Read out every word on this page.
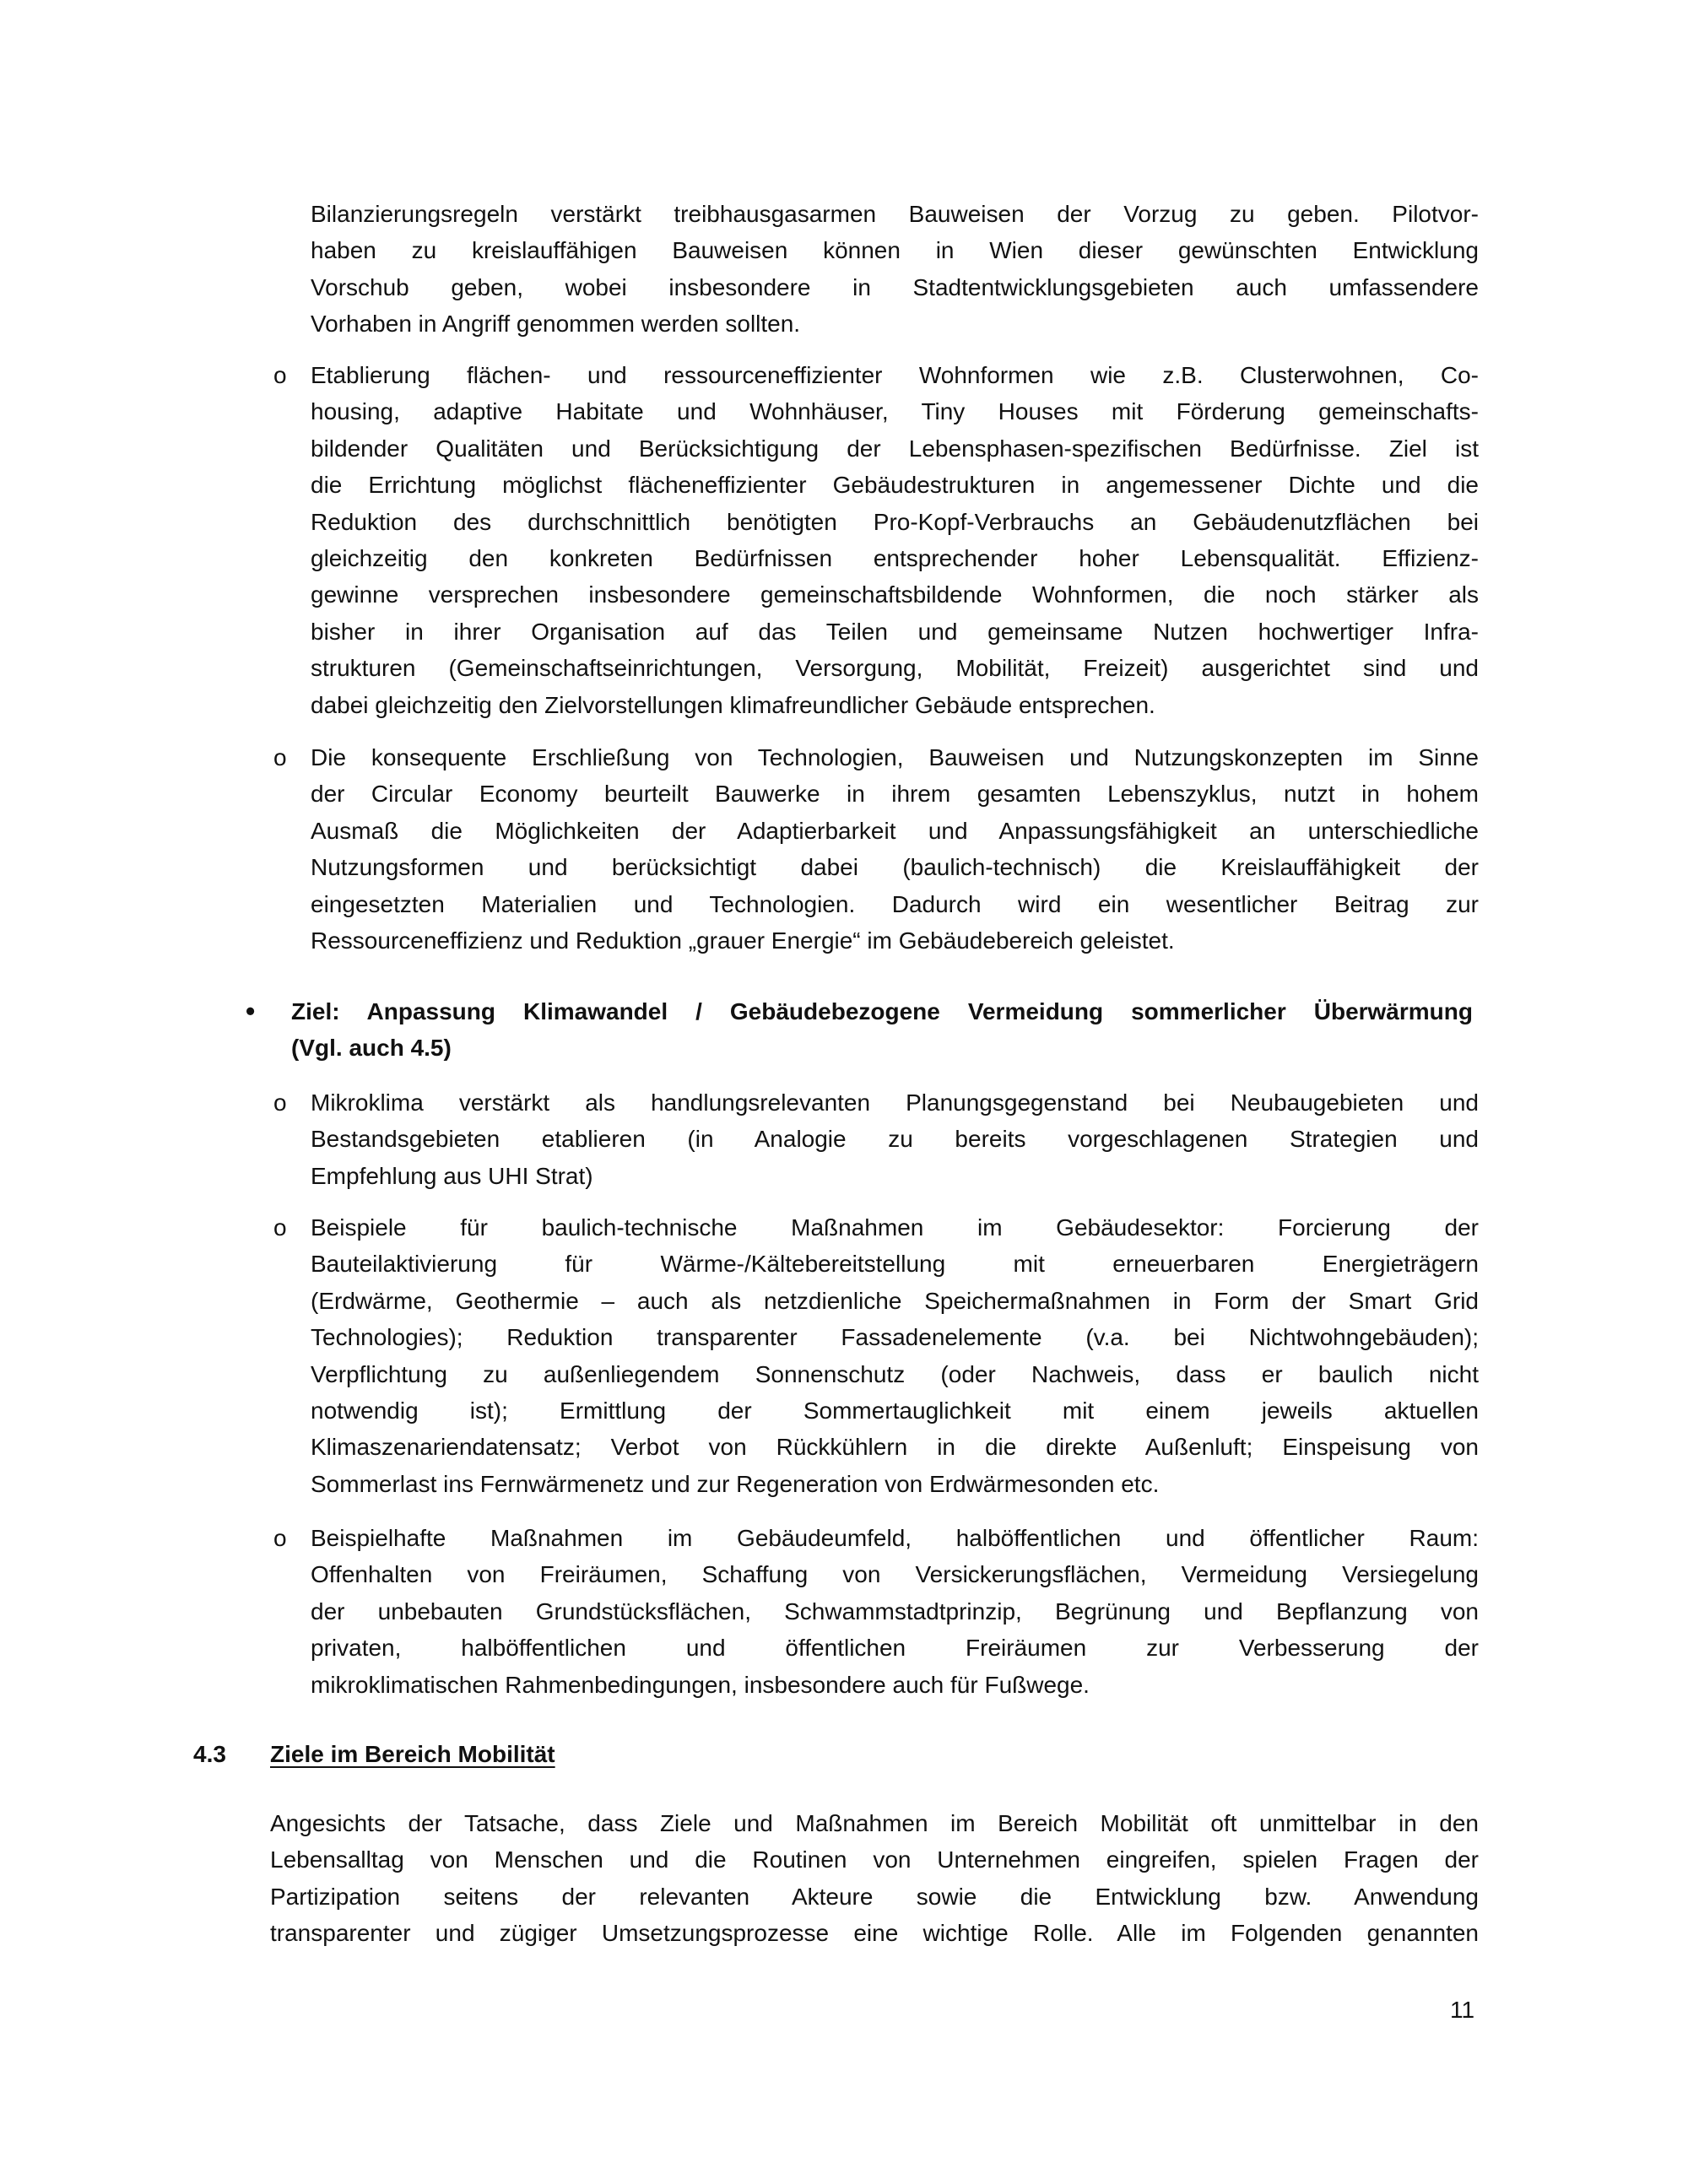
Bilanzierungsregeln verstärkt treibhausgasarmen Bauweisen der Vorzug zu geben. Pilotvor-
haben zu kreislauffähigen Bauweisen können in Wien dieser gewünschten Entwicklung
Vorschub geben, wobei insbesondere in Stadtentwicklungsgebieten auch umfassendere
Vorhaben in Angriff genommen werden sollten.
o Etablierung flächen- und ressourceneffizienter Wohnformen wie z.B. Clusterwohnen, Co-
housing, adaptive Habitate und Wohnhäuser, Tiny Houses mit Förderung gemeinschafts-
bildender Qualitäten und Berücksichtigung der Lebensphasen-spezifischen Bedürfnisse. Ziel ist
die Errichtung möglichst flächeneffizienter Gebäudestrukturen in angemessener Dichte und die
Reduktion des durchschnittlich benötigten Pro-Kopf-Verbrauchs an Gebäudenutzflächen bei
gleichzeitig den konkreten Bedürfnissen entsprechender hoher Lebensqualität. Effizienz-
gewinne versprechen insbesondere gemeinschaftsbildende Wohnformen, die noch stärker als
bisher in ihrer Organisation auf das Teilen und gemeinsame Nutzen hochwertiger Infra-
strukturen (Gemeinschaftseinrichtungen, Versorgung, Mobilität, Freizeit) ausgerichtet sind und
dabei gleichzeitig den Zielvorstellungen klimafreundlicher Gebäude entsprechen.
o Die konsequente Erschließung von Technologien, Bauweisen und Nutzungskonzepten im Sinne
der Circular Economy beurteilt Bauwerke in ihrem gesamten Lebenszyklus, nutzt in hohem
Ausmaß die Möglichkeiten der Adaptierbarkeit und Anpassungsfähigkeit an unterschiedliche
Nutzungsformen und berücksichtigt dabei (baulich-technisch) die Kreislauffähigkeit der
eingesetzten Materialien und Technologien. Dadurch wird ein wesentlicher Beitrag zur
Ressourceneffizienz und Reduktion „grauer Energie“ im Gebäudebereich geleistet.
• Ziel: Anpassung Klimawandel / Gebäudebezogene Vermeidung sommerlicher Überwärmung
(Vgl. auch 4.5)
o Mikroklima verstärkt als handlungsrelevanten Planungsgegenstand bei Neubaugebieten und
Bestandsgebieten etablieren (in Analogie zu bereits vorgeschlagenen Strategien und
Empfehlung aus UHI Strat)
o Beispiele für baulich-technische Maßnahmen im Gebäudesektor: Forcierung der
Bauteilaktivierung für Wärme-/Kältebereitstellung mit erneuerbaren Energieträgern
(Erdwärme, Geothermie – auch als netzdienliche Speichermaßnahmen in Form der Smart Grid
Technologies); Reduktion transparenter Fassadenelemente (v.a. bei Nichtwohngebäuden);
Verpflichtung zu außenliegendem Sonnenschutz (oder Nachweis, dass er baulich nicht
notwendig ist); Ermittlung der Sommertauglichkeit mit einem jeweils aktuellen
Klimaszenariendatensatz; Verbot von Rückkühlern in die direkte Außenluft; Einspeisung von
Sommerlast ins Fernwärmenetz und zur Regeneration von Erdwärmesonden etc.
o Beispielhafte Maßnahmen im Gebäudeumfeld, halböffentlichen und öffentlicher Raum:
Offenhalten von Freiräumen, Schaffung von Versickerungsflächen, Vermeidung Versiegelung
der unbebauten Grundstücksflächen, Schwammstadtprinzip, Begrünung und Bepflanzung von
privaten, halböffentlichen und öffentlichen Freiräumen zur Verbesserung der
mikroklimatischen Rahmenbedingungen, insbesondere auch für Fußwege.
4.3 Ziele im Bereich Mobilität
Angesichts der Tatsache, dass Ziele und Maßnahmen im Bereich Mobilität oft unmittelbar in den
Lebensalltag von Menschen und die Routinen von Unternehmen eingreifen, spielen Fragen der
Partizipation seitens der relevanten Akteure sowie die Entwicklung bzw. Anwendung
transparenter und zügiger Umsetzungsprozesse eine wichtige Rolle. Alle im Folgenden genannten
11
